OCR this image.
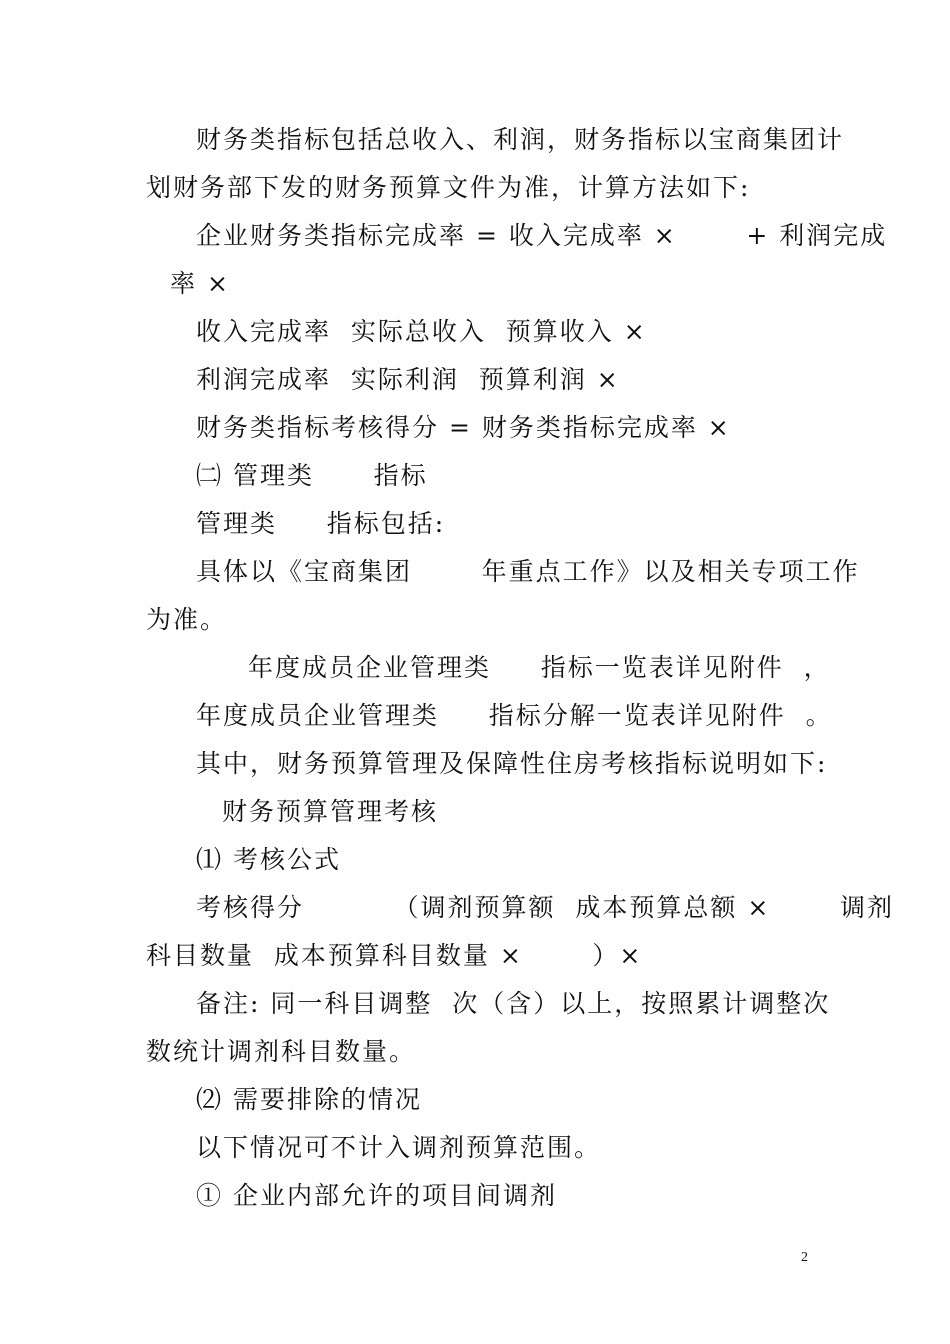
财务类指标包括总收入、利润，财务指标以宝商集团计
划财务部下发的财务预算文件为准，计算方法如下:
企业财务类指标完成率 = 收入完成率 ×       + 利润完成
率 ×
收入完成率  实际总收入  预算收入 ×
利润完成率  实际利润  预算利润 ×
财务类指标考核得分 = 财务类指标完成率 ×
㈡ 管理类      指标
管理类     指标包括:
具体以《宝商集团       年重点工作》以及相关专项工作
为准。
年度成员企业管理类     指标一览表详见附件  ，
年度成员企业管理类     指标分解一览表详见附件  。
其中，财务预算管理及保障性住房考核指标说明如下:
财务预算管理考核
⑴ 考核公式
考核得分         （调剂预算额  成本预算总额 ×       调剂
科目数量  成本预算科目数量 ×       ）×
备注: 同一科目调整  次（含）以上，按照累计调整次
数统计调剂科目数量。
⑵ 需要排除的情况
以下情况可不计入调剂预算范围。
① 企业内部允许的项目间调剂
2
